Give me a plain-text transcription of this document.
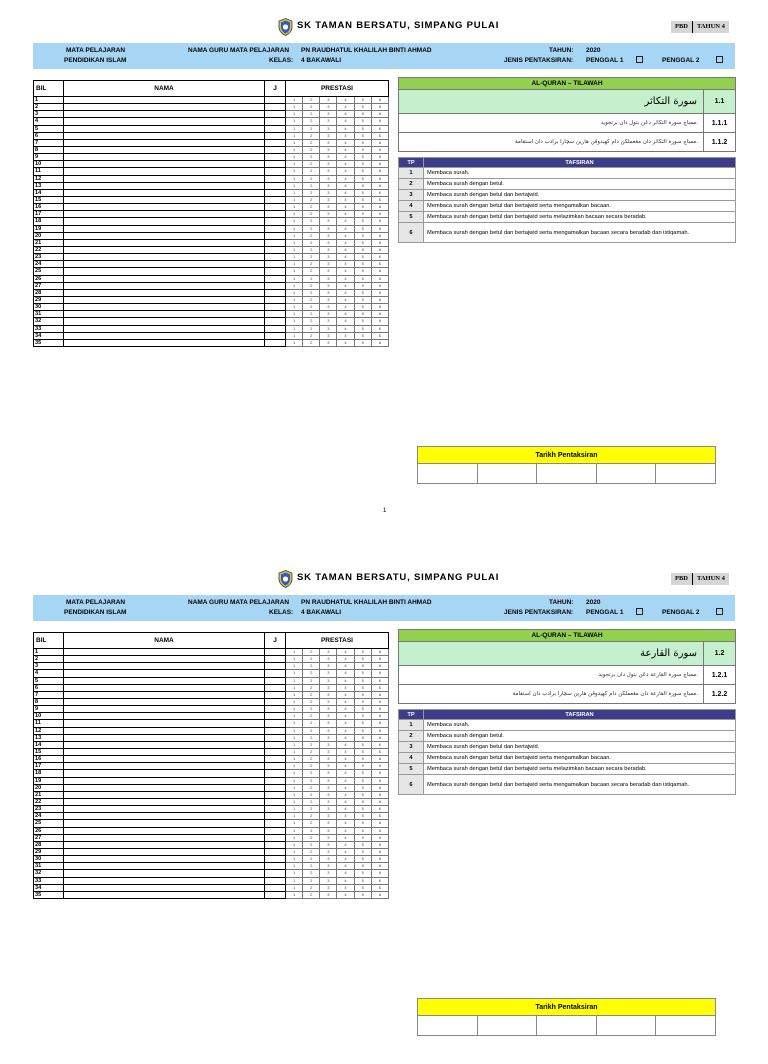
SK TAMAN BERSATU, SIMPANG PULAI	PBD	TAHUN 4
MATA PELAJARAN
PENDIDIKAN ISLAM
NAMA GURU MATA PELAJARAN PN RAUDHATUL KHALILAH BINTI AHMAD
KELAS: 4 BAKAWALI
TAHUN: 2020
JENIS PENTAKSIRAN: PENGGAL 1	PENGGAL 2
BIL	NAMA	J	PRESTASI					
1			1	2	3	4	5	6
2			1	2	3	4	5	6
3			1	2	3	4	5	6
4			1	2	3	4	5	6
5			1	2	3	4	5	6
6			1	2	3	4	5	6
7			1	2	3	4	5	6
8			1	2	3	4	5	6
9			1	2	3	4	5	6
10			1	2	3	4	5	6
11			1	2	3	4	5	6
12			1	2	3	4	5	6
13			1	2	3	4	5	6
14			1	2	3	4	5	6
15			1	2	3	4	5	6
16			1	2	3	4	5	6
17			1	2	3	4	5	6
18			1	2	3	4	5	6
19			1	2	3	4	5	6
20			1	2	3	4	5	6
21			1	2	3	4	5	6
22			1	2	3	4	5	6
23			1	2	3	4	5	6
24			1	2	3	4	5	6
25			1	2	3	4	5	6
26			1	2	3	4	5	6
27			1	2	3	4	5	6
28			1	2	3	4	5	6
29			1	2	3	4	5	6
30			1	2	3	4	5	6
31			1	2	3	4	5	6
32			1	2	3	4	5	6
33			1	2	3	4	5	6
34			1	2	3	4	5	6
35			1	2	3	4	5	6
AL-QURAN – TILAWAH	
سورة التكاثر	1.1
ممباچ سورة التكاثر دڠن بتول دان برتجويد.	1.1.1
ممباچ سورة التكاثر دان مڠعملكن دام كهيدوڤن هارين سچارا برادب دان استقامة.	1.1.2
TP	TAFSIRAN
1	Membaca surah.
2	Membaca surah dengan betul.
3	Membaca surah dengan betul dan bertajwid.
4	Membaca surah dengan betul dan bertajwid serta mengamalkan bacaan.
5	Membaca surah dengan betul dan bertajwid serta melazimkan bacaan secara beradab.
6	Membaca surah dengan betul dan bertajwid serta mengamalkan bacaan secara beradab dan istiqamah.
Tarikh Pentaksiran

1
SK TAMAN BERSATU, SIMPANG PULAI	PBD	TAHUN 4
MATA PELAJARAN
PENDIDIKAN ISLAM
NAMA GURU MATA PELAJARAN PN RAUDHATUL KHALILAH BINTI AHMAD
KELAS: 4 BAKAWALI
TAHUN: 2020
JENIS PENTAKSIRAN: PENGGAL 1	PENGGAL 2
BIL	NAMA	J	PRESTASI					
1			1	2	3	4	5	6
2			1	2	3	4	5	6
3			1	2	3	4	5	6
4			1	2	3	4	5	6
5			1	2	3	4	5	6
6			1	2	3	4	5	6
7			1	2	3	4	5	6
8			1	2	3	4	5	6
9			1	2	3	4	5	6
10			1	2	3	4	5	6
11			1	2	3	4	5	6
12			1	2	3	4	5	6
13			1	2	3	4	5	6
14			1	2	3	4	5	6
15			1	2	3	4	5	6
16			1	2	3	4	5	6
17			1	2	3	4	5	6
18			1	2	3	4	5	6
19			1	2	3	4	5	6
20			1	2	3	4	5	6
21			1	2	3	4	5	6
22			1	2	3	4	5	6
23			1	2	3	4	5	6
24			1	2	3	4	5	6
25			1	2	3	4	5	6
26			1	2	3	4	5	6
27			1	2	3	4	5	6
28			1	2	3	4	5	6
29			1	2	3	4	5	6
30			1	2	3	4	5	6
31			1	2	3	4	5	6
32			1	2	3	4	5	6
33			1	2	3	4	5	6
34			1	2	3	4	5	6
35			1	2	3	4	5	6
AL-QURAN – TILAWAH	
سورة القارعة	1.2
ممباچ سورة القارعة دڠن بتول دان برتجويد.	1.2.1
ممباچ سورة القارعة دان مڠعملكن دام كهيدوڤن هارين سچارا برادب دان استقامة.	1.2.2
TP	TAFSIRAN
1	Membaca surah.
2	Membaca surah dengan betul.
3	Membaca surah dengan betul dan bertajwid.
4	Membaca surah dengan betul dan bertajwid serta mengamalkan bacaan.
5	Membaca surah dengan betul dan bertajwid serta melazimkan bacaan secara beradab.
6	Membaca surah dengan betul dan bertajwid serta mengamalkan bacaan secara beradab dan istiqamah.
Tarikh Pentaksiran
